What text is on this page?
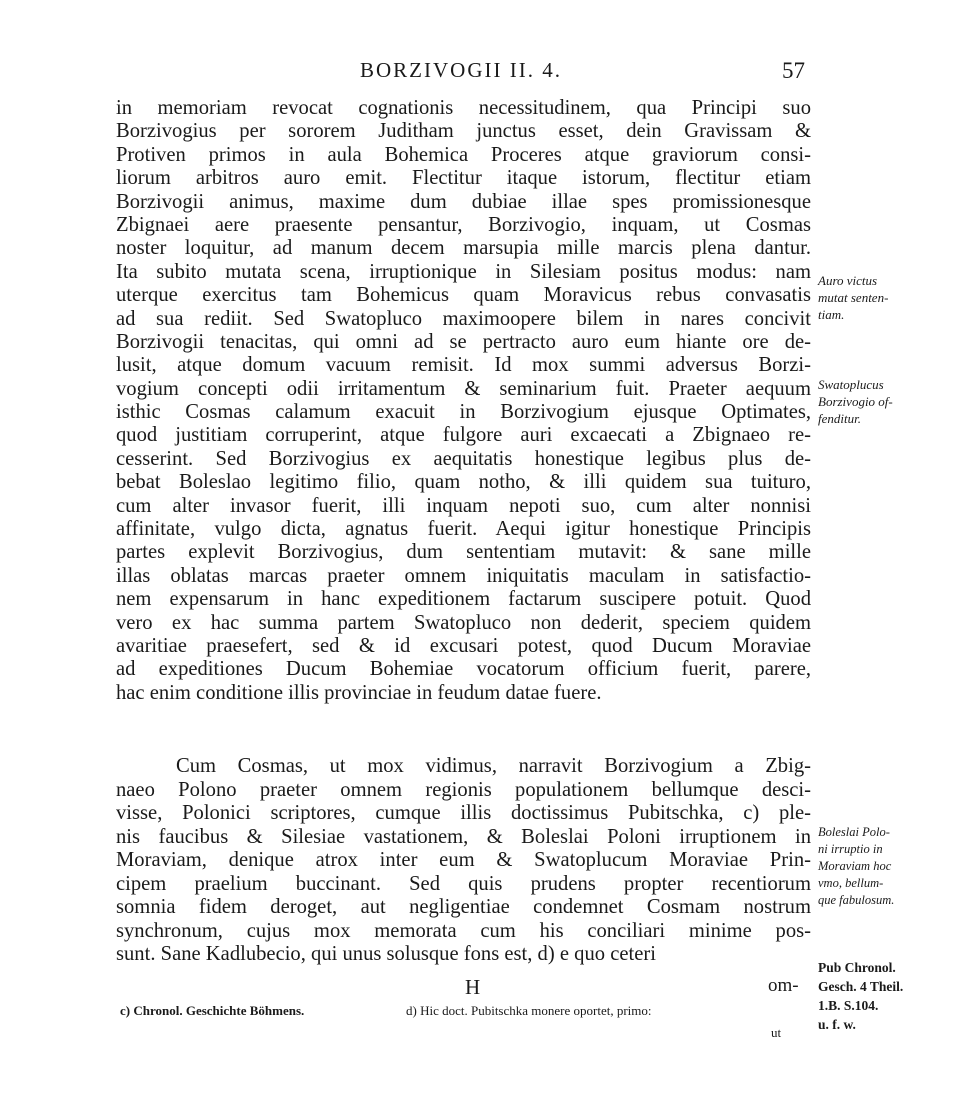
BORZIVOGII II. 4.	57
in memoriam revocat cognationis necessitudinem, qua Principi suo
Borzivogius per sororem Juditham junctus esset, dein Gravissam &
Protiven primos in aula Bohemica Proceres atque graviorum consi-
liorum arbitros auro emit. Flectitur itaque istorum, flectitur etiam
Borzivogii animus, maxime dum dubiae illae spes promissionesque
Zbignaei aere praesente pensantur, Borzivogio, inquam, ut Cosmas
noster loquitur, ad manum decem marsupia mille marcis plena dantur.
Ita subito mutata scena, irruptionique in Silesiam positus modus: nam
uterque exercitus tam Bohemicus quam Moravicus rebus convasatis
ad sua rediit. Sed Swatopluco maximoopere bilem in nares concivit
Borzivogii tenacitas, qui omni ad se pertracto auro eum hiante ore de-
lusit, atque domum vacuum remisit. Id mox summi adversus Borzi-
vogium concepti odii irritamentum & seminarium fuit. Praeter aequum
isthic Cosmas calamum exacuit in Borzivogium ejusque Optimates,
quod justitiam corruperint, atque fulgore auri excaecati a Zbignaeo re-
cesserint. Sed Borzivogius ex aequitatis honestique legibus plus de-
bebat Boleslao legitimo filio, quam notho, & illi quidem sua tuituro,
cum alter invasor fuerit, illi inquam nepoti suo, cum alter nonnisi
affinitate, vulgo dicta, agnatus fuerit. Aequi igitur honestique Principis
partes explevit Borzivogius, dum sententiam mutavit: & sane mille
illas oblatas marcas praeter omnem iniquitatis maculam in satisfactio-
nem expensarum in hanc expeditionem factarum suscipere potuit. Quod
vero ex hac summa partem Swatopluco non dederit, speciem quidem
avaritiae praesefert, sed & id excusari potest, quod Ducum Moraviae
ad expeditiones Ducum Bohemiae vocatorum officium fuerit, parere,
hac enim conditione illis provinciae in feudum datae fuere.
Cum Cosmas, ut mox vidimus, narravit Borzivogium a Zbig-
naeo Polono praeter omnem regionis populationem bellumque desci-
visse, Polonici scriptores, cumque illis doctissimus Pubitschka, c) ple-
nis faucibus & Silesiae vastationem, & Boleslai Poloni irruptionem in
Moraviam, denique atrox inter eum & Swatoplucum Moraviae Prin-
cipem praelium buccinant. Sed quis prudens propter recentiorum
somnia fidem deroget, aut negligentiae condemnet Cosmam nostrum
synchronum, cujus mox memorata cum his conciliari minime pos-
sunt. Sane Kadlubecio, qui unus solusque fons est, d) e quo ceteri
Auro victus
mutat senten-
tiam.
Swatoplucus
Borzivogio of-
fenditur.
Boleslai Polo-
ni irruptio in
Moraviam hoc
vmo, bellum-
que fabulosum.
Pub Chronol.
Gesch. 4 Theil.
1.B. S.104.
u. f. w.
H	om-
c) Chronol. Geschichte Böhmens.	d) Hic doct. Pubitschka monere oportet, primo:
ut
